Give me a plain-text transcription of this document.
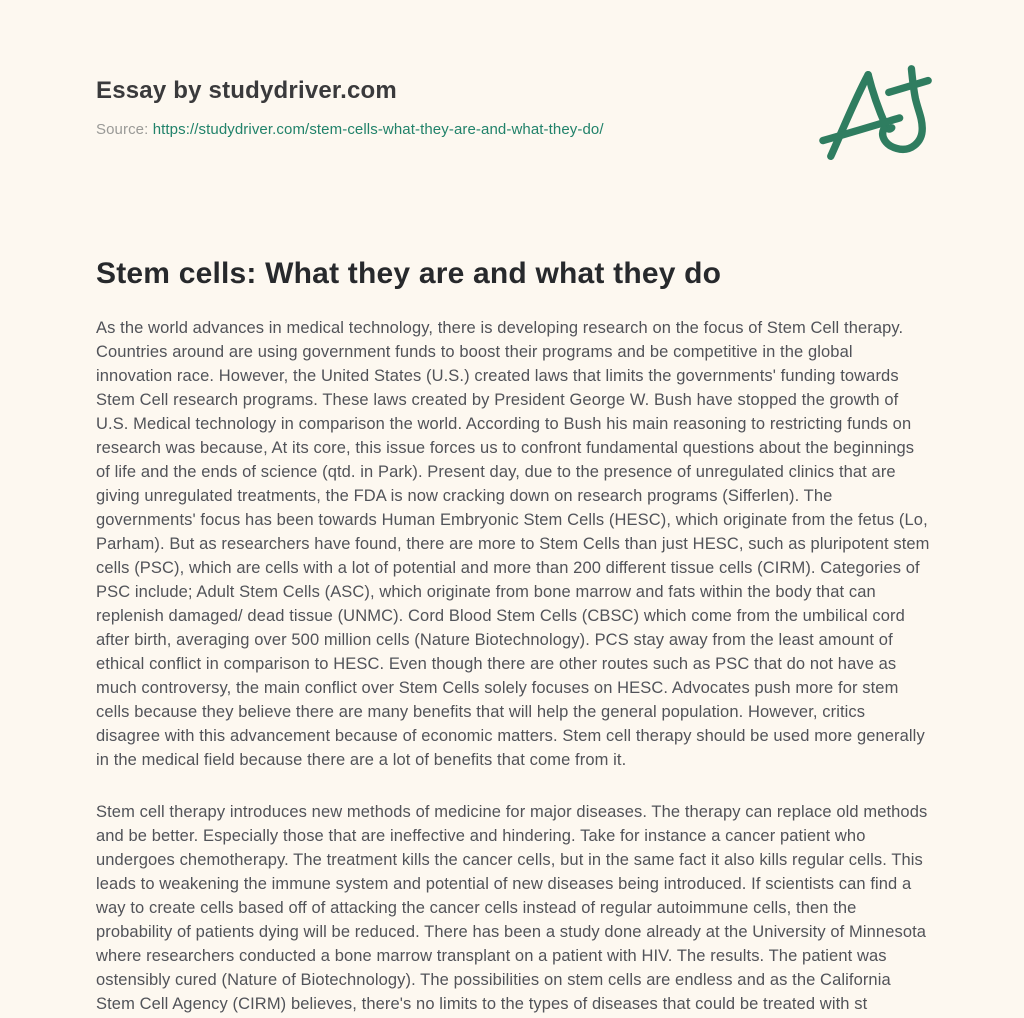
Essay by studydriver.com
Source: https://studydriver.com/stem-cells-what-they-are-and-what-they-do/
Stem cells: What they are and what they do

As the world advances in medical technology, there is developing research on the focus of Stem Cell therapy. Countries around are using government funds to boost their programs and be competitive in the global innovation race. However, the United States (U.S.) created laws that limits the governments' funding towards Stem Cell research programs. These laws created by President George W. Bush have stopped the growth of U.S. Medical technology in comparison the world. According to Bush his main reasoning to restricting funds on research was because, At its core, this issue forces us to confront fundamental questions about the beginnings of life and the ends of science (qtd. in Park). Present day, due to the presence of unregulated clinics that are giving unregulated treatments, the FDA is now cracking down on research programs (Sifferlen). The governments' focus has been towards Human Embryonic Stem Cells (HESC), which originate from the fetus (Lo, Parham). But as researchers have found, there are more to Stem Cells than just HESC, such as pluripotent stem cells (PSC), which are cells with a lot of potential and more than 200 different tissue cells (CIRM). Categories of PSC include; Adult Stem Cells (ASC), which originate from bone marrow and fats within the body that can replenish damaged/ dead tissue (UNMC). Cord Blood Stem Cells (CBSC) which come from the umbilical cord after birth, averaging over 500 million cells (Nature Biotechnology). PCS stay away from the least amount of ethical conflict in comparison to HESC. Even though there are other routes such as PSC that do not have as much controversy, the main conflict over Stem Cells solely focuses on HESC. Advocates push more for stem cells because they believe there are many benefits that will help the general population. However, critics disagree with this advancement because of economic matters. Stem cell therapy should be used more generally in the medical field because there are a lot of benefits that come from it.

Stem cell therapy introduces new methods of medicine for major diseases. The therapy can replace old methods and be better. Especially those that are ineffective and hindering. Take for instance a cancer patient who undergoes chemotherapy. The treatment kills the cancer cells, but in the same fact it also kills regular cells. This leads to weakening the immune system and potential of new diseases being introduced. If scientists can find a way to create cells based off of attacking the cancer cells instead of regular autoimmune cells, then the probability of patients dying will be reduced. There has been a study done already at the University of Minnesota where researchers conducted a bone marrow transplant on a patient with HIV. The results. The patient was ostensibly cured (Nature of Biotechnology). The possibilities on stem cells are endless and as the California Stem Cell Agency (CIRM) believes, there's no limits to the types of diseases that could be treated with st
